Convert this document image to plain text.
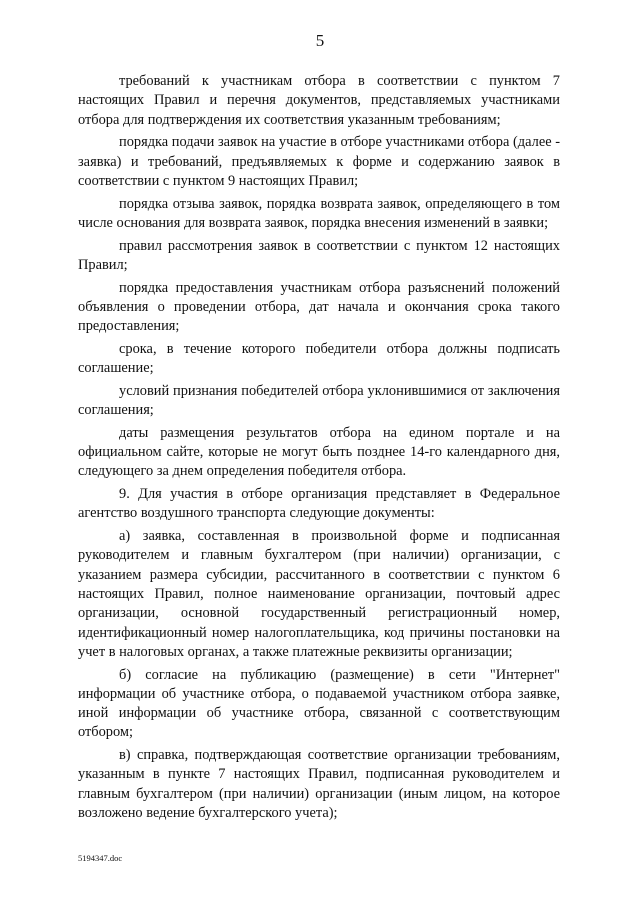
5

требований к участникам отбора в соответствии с пунктом 7 настоящих Правил и перечня документов, представляемых участниками отбора для подтверждения их соответствия указанным требованиям;

порядка подачи заявок на участие в отборе участниками отбора (далее - заявка) и требований, предъявляемых к форме и содержанию заявок в соответствии с пунктом 9 настоящих Правил;

порядка отзыва заявок, порядка возврата заявок, определяющего в том числе основания для возврата заявок, порядка внесения изменений в заявки;

правил рассмотрения заявок в соответствии с пунктом 12 настоящих Правил;

порядка предоставления участникам отбора разъяснений положений объявления о проведении отбора, дат начала и окончания срока такого предоставления;

срока, в течение которого победители отбора должны подписать соглашение;

условий признания победителей отбора уклонившимися от заключения соглашения;

даты размещения результатов отбора на едином портале и на официальном сайте, которые не могут быть позднее 14-го календарного дня, следующего за днем определения победителя отбора.

9. Для участия в отборе организация представляет в Федеральное агентство воздушного транспорта следующие документы:

а) заявка, составленная в произвольной форме и подписанная руководителем и главным бухгалтером (при наличии) организации, с указанием размера субсидии, рассчитанного в соответствии с пунктом 6 настоящих Правил, полное наименование организации, почтовый адрес организации, основной государственный регистрационный номер, идентификационный номер налогоплательщика, код причины постановки на учет в налоговых органах, а также платежные реквизиты организации;

б) согласие на публикацию (размещение) в сети "Интернет" информации об участнике отбора, о подаваемой участником отбора заявке, иной информации об участнике отбора, связанной с соответствующим отбором;

в) справка, подтверждающая соответствие организации требованиям, указанным в пункте 7 настоящих Правил, подписанная руководителем и главным бухгалтером (при наличии) организации (иным лицом, на которое возложено ведение бухгалтерского учета);

5194347.doc
